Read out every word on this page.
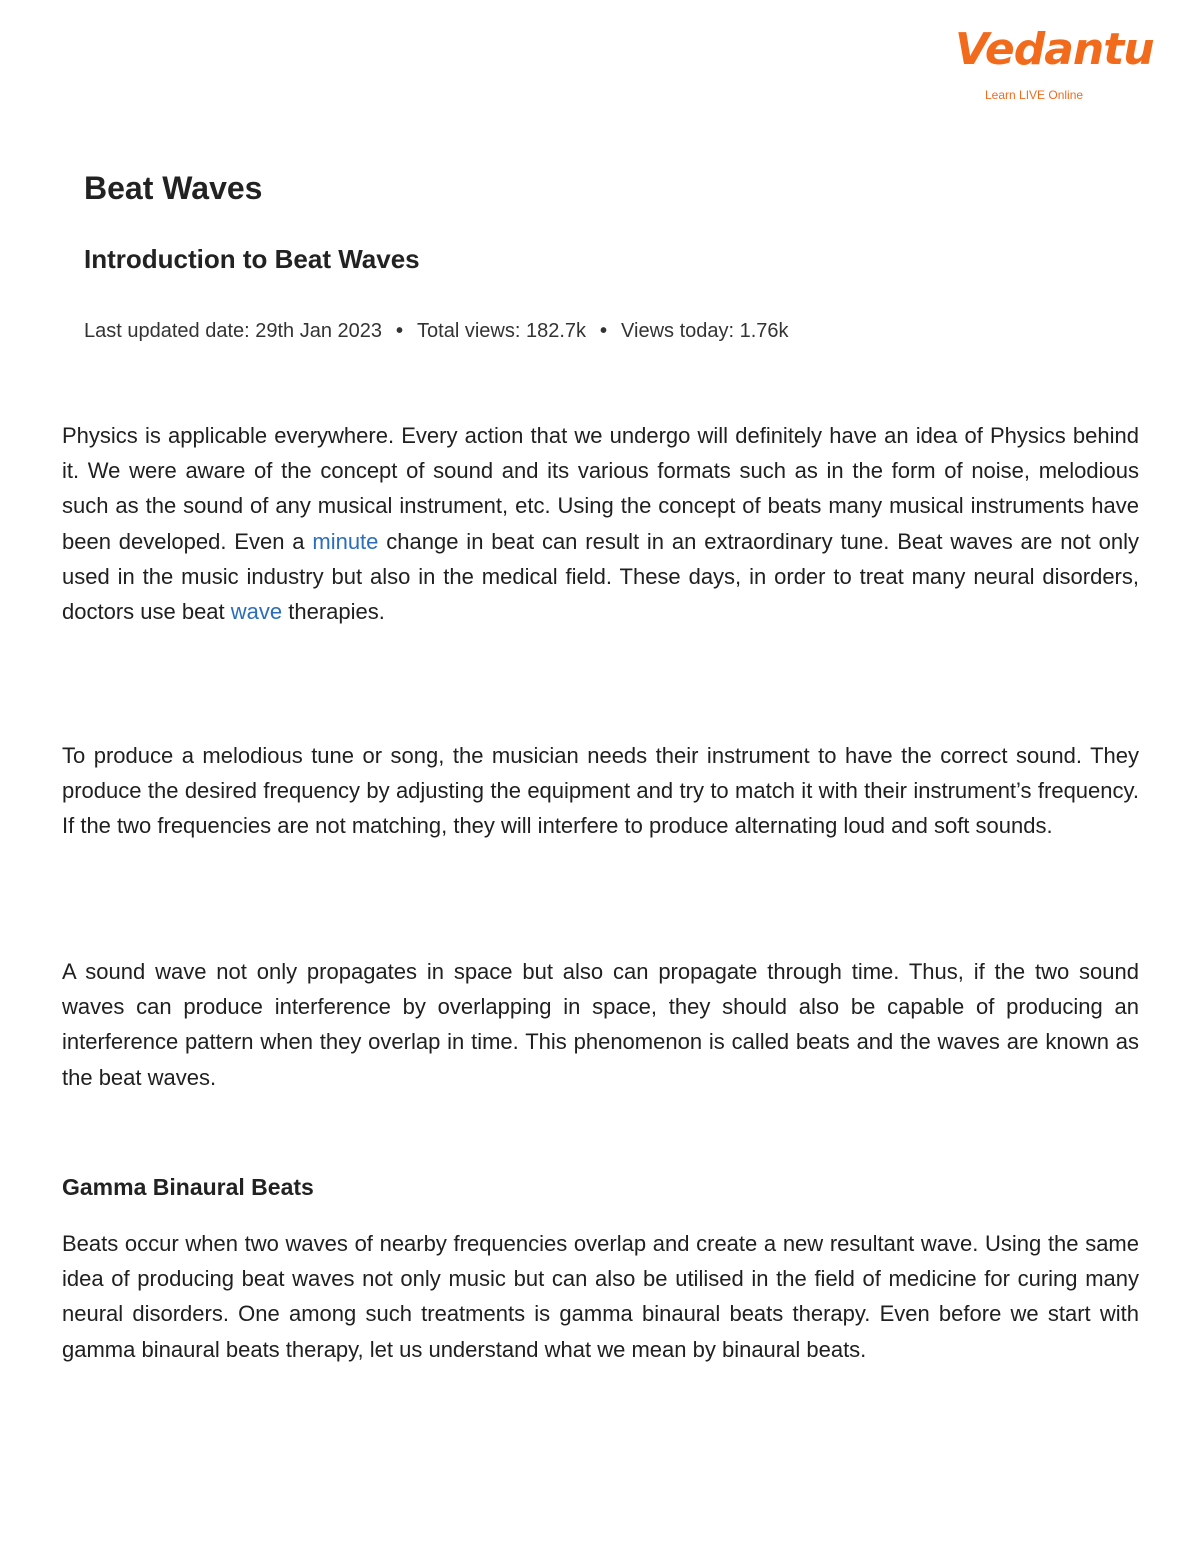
Vedantu
Learn LIVE Online
Beat Waves
Introduction to Beat Waves
Last updated date: 29th Jan 2023 • Total views: 182.7k • Views today: 1.76k

Physics is applicable everywhere. Every action that we undergo will definitely have an idea of Physics behind it. We were aware of the concept of sound and its various formats such as in the form of noise, melodious such as the sound of any musical instrument, etc. Using the concept of beats many musical instruments have been developed. Even a minute change in beat can result in an extraordinary tune. Beat waves are not only used in the music industry but also in the medical field. These days, in order to treat many neural disorders, doctors use beat wave therapies.

To produce a melodious tune or song, the musician needs their instrument to have the correct sound. They produce the desired frequency by adjusting the equipment and try to match it with their instrument’s frequency. If the two frequencies are not matching, they will interfere to produce alternating loud and soft sounds.

A sound wave not only propagates in space but also can propagate through time. Thus, if the two sound waves can produce interference by overlapping in space, they should also be capable of producing an interference pattern when they overlap in time. This phenomenon is called beats and the waves are known as the beat waves.

Gamma Binaural Beats

Beats occur when two waves of nearby frequencies overlap and create a new resultant wave. Using the same idea of producing beat waves not only music but can also be utilised in the field of medicine for curing many neural disorders. One among such treatments is gamma binaural beats therapy. Even before we start with gamma binaural beats therapy, let us understand what we mean by binaural beats.
